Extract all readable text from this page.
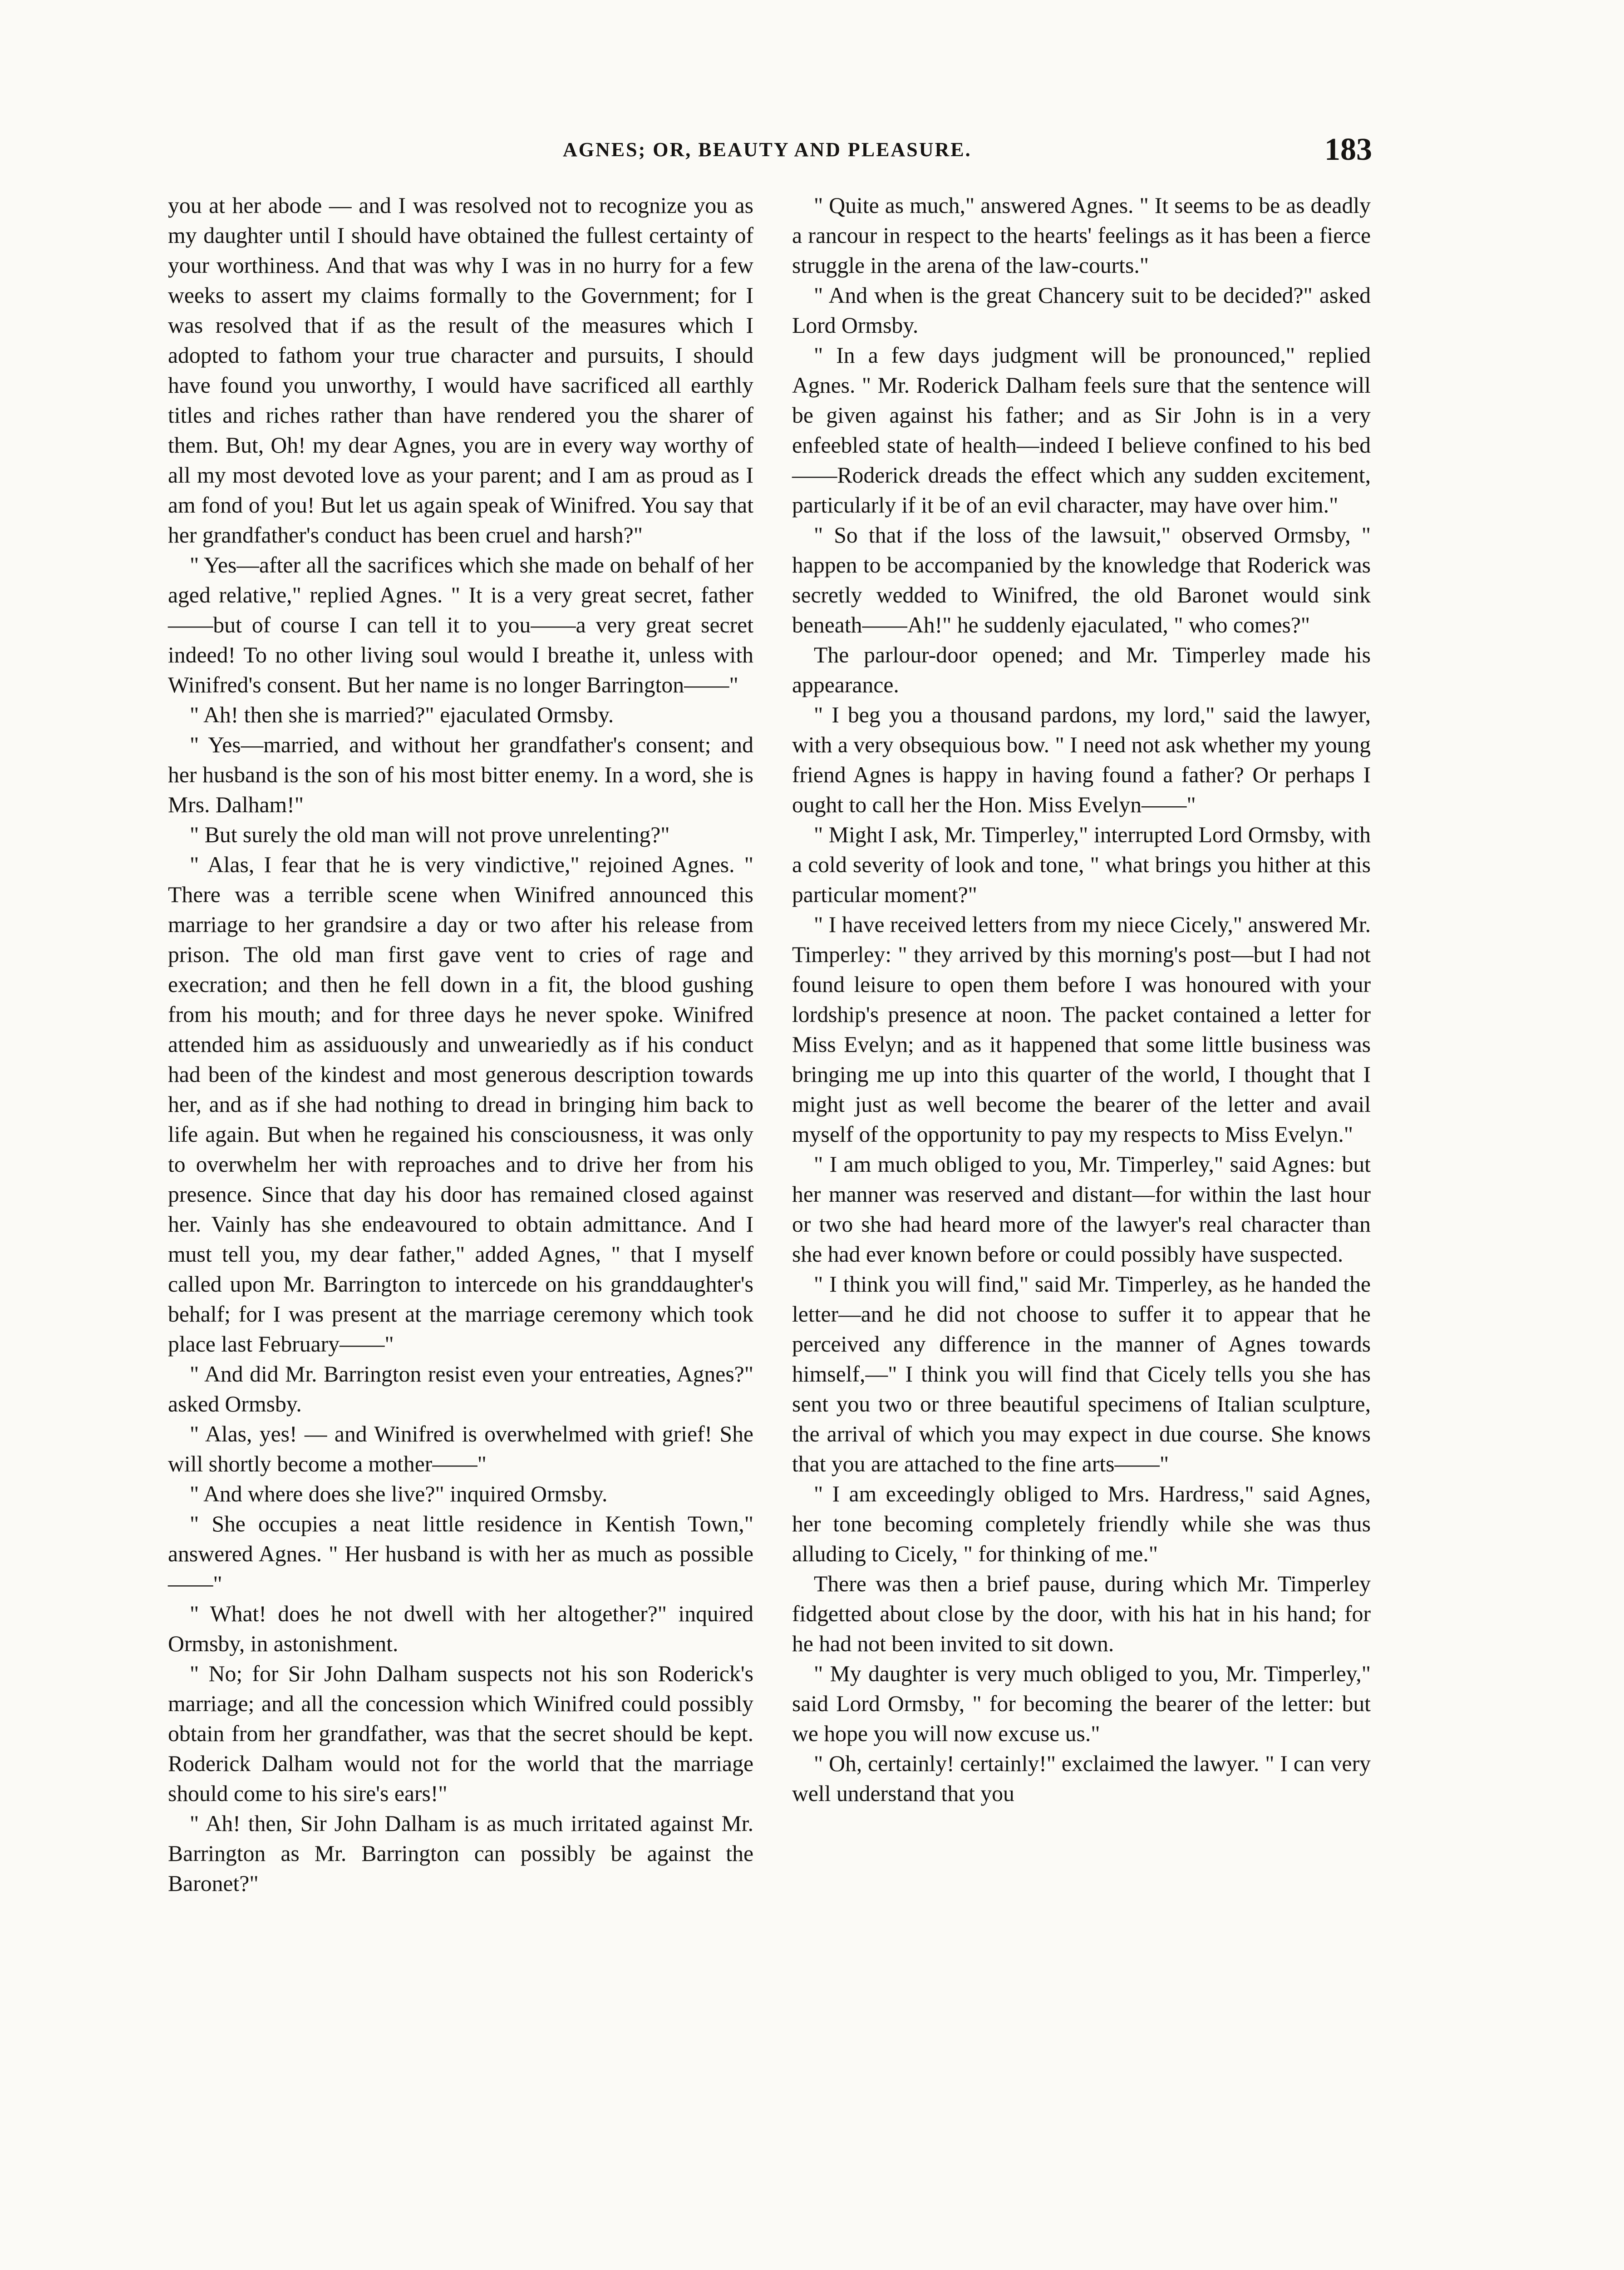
AGNES; OR, BEAUTY AND PLEASURE.	183

you at her abode — and I was resolved not to recognize you as my daughter until I should have obtained the fullest certainty of your worthiness. And that was why I was in no hurry for a few weeks to assert my claims formally to the Government; for I was resolved that if as the result of the measures which I adopted to fathom your true character and pursuits, I should have found you unworthy, I would have sacrificed all earthly titles and riches rather than have rendered you the sharer of them. But, Oh! my dear Agnes, you are in every way worthy of all my most devoted love as your parent; and I am as proud as I am fond of you! But let us again speak of Winifred. You say that her grandfather's conduct has been cruel and harsh?"

" Yes—after all the sacrifices which she made on behalf of her aged relative," replied Agnes. " It is a very great secret, father——but of course I can tell it to you——a very great secret indeed! To no other living soul would I breathe it, unless with Winifred's consent. But her name is no longer Barrington——"

" Ah! then she is married?" ejaculated Ormsby.

" Yes—married, and without her grandfather's consent; and her husband is the son of his most bitter enemy. In a word, she is Mrs. Dalham!"

" But surely the old man will not prove unrelenting?"

" Alas, I fear that he is very vindictive," rejoined Agnes. " There was a terrible scene when Winifred announced this marriage to her grandsire a day or two after his release from prison. The old man first gave vent to cries of rage and execration; and then he fell down in a fit, the blood gushing from his mouth; and for three days he never spoke. Winifred attended him as assiduously and unweariedly as if his conduct had been of the kindest and most generous description towards her, and as if she had nothing to dread in bringing him back to life again. But when he regained his consciousness, it was only to overwhelm her with reproaches and to drive her from his presence. Since that day his door has remained closed against her. Vainly has she endeavoured to obtain admittance. And I must tell you, my dear father," added Agnes, " that I myself called upon Mr. Barrington to intercede on his granddaughter's behalf; for I was present at the marriage ceremony which took place last February——"

" And did Mr. Barrington resist even your entreaties, Agnes?" asked Ormsby.

" Alas, yes! — and Winifred is overwhelmed with grief! She will shortly become a mother——"

" And where does she live?" inquired Ormsby.

" She occupies a neat little residence in Kentish Town," answered Agnes. " Her husband is with her as much as possible——"

" What! does he not dwell with her altogether?" inquired Ormsby, in astonishment.

" No; for Sir John Dalham suspects not his son Roderick's marriage; and all the concession which Winifred could possibly obtain from her grandfather, was that the secret should be kept. Roderick Dalham would not for the world that the marriage should come to his sire's ears!"

" Ah! then, Sir John Dalham is as much irritated against Mr. Barrington as Mr. Barrington can possibly be against the Baronet?"

" Quite as much," answered Agnes. " It seems to be as deadly a rancour in respect to the hearts' feelings as it has been a fierce struggle in the arena of the law-courts."

" And when is the great Chancery suit to be decided?" asked Lord Ormsby.

" In a few days judgment will be pronounced," replied Agnes. " Mr. Roderick Dalham feels sure that the sentence will be given against his father; and as Sir John is in a very enfeebled state of health—indeed I believe confined to his bed——Roderick dreads the effect which any sudden excitement, particularly if it be of an evil character, may have over him."

" So that if the loss of the lawsuit," observed Ormsby, " happen to be accompanied by the knowledge that Roderick was secretly wedded to Winifred, the old Baronet would sink beneath——Ah!" he suddenly ejaculated, " who comes?"

The parlour-door opened; and Mr. Timperley made his appearance.

" I beg you a thousand pardons, my lord," said the lawyer, with a very obsequious bow. " I need not ask whether my young friend Agnes is happy in having found a father? Or perhaps I ought to call her the Hon. Miss Evelyn——"

" Might I ask, Mr. Timperley," interrupted Lord Ormsby, with a cold severity of look and tone, " what brings you hither at this particular moment?"

" I have received letters from my niece Cicely," answered Mr. Timperley: " they arrived by this morning's post—but I had not found leisure to open them before I was honoured with your lordship's presence at noon. The packet contained a letter for Miss Evelyn; and as it happened that some little business was bringing me up into this quarter of the world, I thought that I might just as well become the bearer of the letter and avail myself of the opportunity to pay my respects to Miss Evelyn."

" I am much obliged to you, Mr. Timperley," said Agnes: but her manner was reserved and distant—for within the last hour or two she had heard more of the lawyer's real character than she had ever known before or could possibly have suspected.

" I think you will find," said Mr. Timperley, as he handed the letter—and he did not choose to suffer it to appear that he perceived any difference in the manner of Agnes towards himself,—" I think you will find that Cicely tells you she has sent you two or three beautiful specimens of Italian sculpture, the arrival of which you may expect in due course. She knows that you are attached to the fine arts——"

" I am exceedingly obliged to Mrs. Hardress," said Agnes, her tone becoming completely friendly while she was thus alluding to Cicely, " for thinking of me."

There was then a brief pause, during which Mr. Timperley fidgetted about close by the door, with his hat in his hand; for he had not been invited to sit down.

" My daughter is very much obliged to you, Mr. Timperley," said Lord Ormsby, " for becoming the bearer of the letter: but we hope you will now excuse us."

" Oh, certainly! certainly!" exclaimed the lawyer. " I can very well understand that you
